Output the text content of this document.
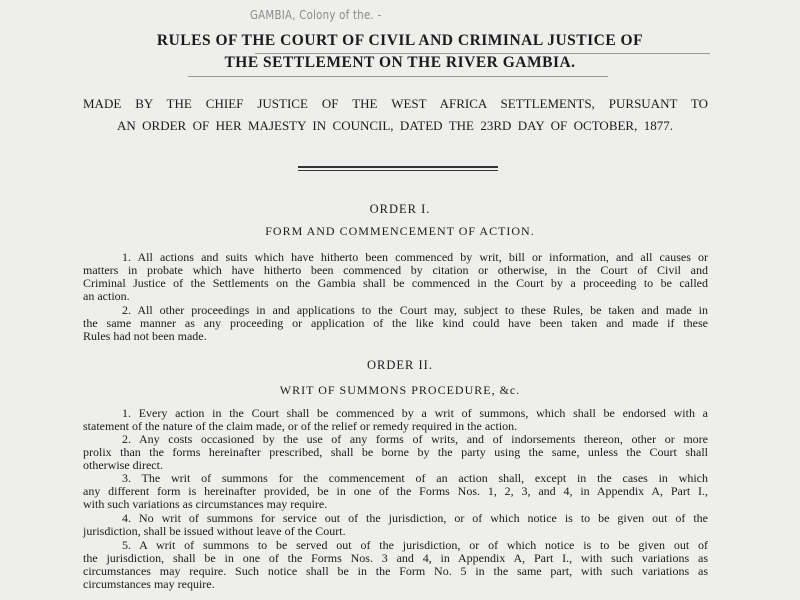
GAMBIA, Colony of the. -
RULES OF THE COURT OF CIVIL AND CRIMINAL JUSTICE OF
THE SETTLEMENT ON THE RIVER GAMBIA.
MADE BY THE CHIEF JUSTICE OF THE WEST AFRICA SETTLEMENTS, PURSUANT TO
AN ORDER OF HER MAJESTY IN COUNCIL, DATED THE 23RD DAY OF OCTOBER, 1877.
ORDER I.
FORM AND COMMENCEMENT OF ACTION.
1. All actions and suits which have hitherto been commenced by writ, bill or information, and all causes or
matters in probate which have hitherto been commenced by citation or otherwise, in the Court of Civil and
Criminal Justice of the Settlements on the Gambia shall be commenced in the Court by a proceeding to be called
an action.
2. All other proceedings in and applications to the Court may, subject to these Rules, be taken and made in
the same manner as any proceeding or application of the like kind could have been taken and made if these
Rules had not been made.
ORDER II.
WRIT OF SUMMONS PROCEDURE, &c.
1. Every action in the Court shall be commenced by a writ of summons, which shall be endorsed with a
statement of the nature of the claim made, or of the relief or remedy required in the action.
2. Any costs occasioned by the use of any forms of writs, and of indorsements thereon, other or more
prolix than the forms hereinafter prescribed, shall be borne by the party using the same, unless the Court shall
otherwise direct.
3. The writ of summons for the commencement of an action shall, except in the cases in which
any different form is hereinafter provided, be in one of the Forms Nos. 1, 2, 3, and 4, in Appendix A, Part I.,
with such variations as circumstances may require.
4. No writ of summons for service out of the jurisdiction, or of which notice is to be given out of the
jurisdiction, shall be issued without leave of the Court.
5. A writ of summons to be served out of the jurisdiction, or of which notice is to be given out of
the jurisdiction, shall be in one of the Forms Nos. 3 and 4, in Appendix A, Part I., with such variations as
circumstances may require. Such notice shall be in the Form No. 5 in the same part, with such variations as
circumstances may require.
